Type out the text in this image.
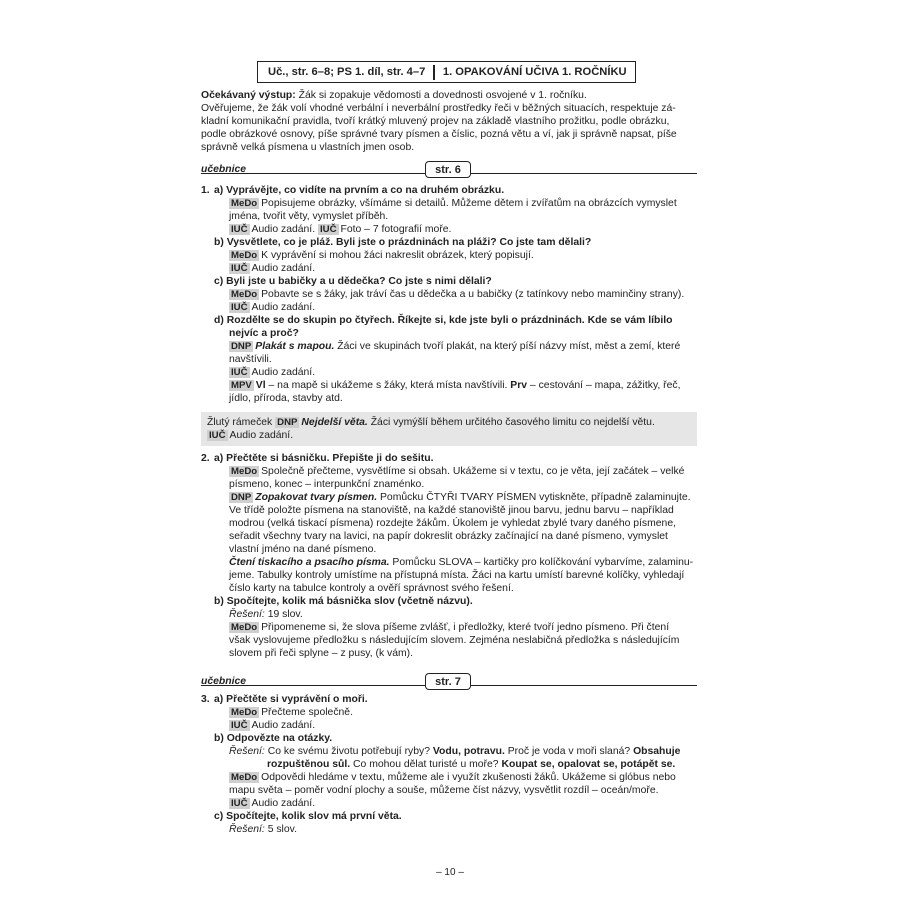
Uč., str. 6–8; PS 1. díl, str. 4–7	1. OPAKOVÁNÍ UČIVA 1. ROČNÍKU
Očekávaný výstup: Žák si zopakuje vědomosti a dovednosti osvojené v 1. ročníku.
Ověřujeme, že žák volí vhodné verbální i neverbální prostředky řeči v běžných situacích, respektuje zá-
kladní komunikační pravidla, tvoří krátký mluvený projev na základě vlastního prožitku, podle obrázku,
podle obrázkové osnovy, píše správné tvary písmen a číslic, pozná větu a ví, jak ji správně napsat, píše
správně velká písmena u vlastních jmen osob.
učebnice	str. 6
1. a) Vyprávějte, co vidíte na prvním a co na druhém obrázku.
MeDo Popisujeme obrázky, všímáme si detailů. Můžeme dětem i zvířatům na obrázcích vymyslet
jména, tvořit věty, vymyslet příběh.
IUČ Audio zadání. IUČ Foto – 7 fotografií moře.
b) Vysvětlete, co je pláž. Byli jste o prázdninách na pláži? Co jste tam dělali?
MeDo K vyprávění si mohou žáci nakreslit obrázek, který popisují.
IUČ Audio zadání.
c) Byli jste u babičky a u dědečka? Co jste s nimi dělali?
MeDo Pobavte se s žáky, jak tráví čas u dědečka a u babičky (z tatínkovy nebo maminčiny strany).
IUČ Audio zadání.
d) Rozdělte se do skupin po čtyřech. Říkejte si, kde jste byli o prázdninách. Kde se vám líbilo
nejvíc a proč?
DNP Plakát s mapou. Žáci ve skupinách tvoří plakát, na který píší názvy míst, měst a zemí, které
navštívili.
IUČ Audio zadání.
MPV Vl – na mapě si ukážeme s žáky, která místa navštívili. Prv – cestování – mapa, zážitky, řeč,
jídlo, příroda, stavby atd.
Žlutý rámeček DNP Nejdelší věta. Žáci vymýšlí během určitého časového limitu co nejdelší větu.
IUČ Audio zadání.
2. a) Přečtěte si básničku. Přepište ji do sešitu.
MeDo Společně přečteme, vysvětlíme si obsah. Ukážeme si v textu, co je věta, její začátek – velké
písmeno, konec – interpunkční znaménko.
DNP Zopakovat tvary písmen. Pomůcku ČTYŘI TVARY PÍSMEN vytiskněte, případně zalaminujte.
Ve třídě položte písmena na stanoviště, na každé stanoviště jinou barvu, jednu barvu – například
modrou (velká tiskací písmena) rozdejte žákům. Úkolem je vyhledat zbylé tvary daného písmene,
seřadit všechny tvary na lavici, na papír dokreslit obrázky začínající na dané písmeno, vymyslet
vlastní jméno na dané písmeno.
Čtení tiskacího a psacího písma. Pomůcku SLOVA – kartičky pro kolíčkování vybarvíme, zalaminu-
jeme. Tabulky kontroly umístíme na přístupná místa. Žáci na kartu umístí barevné kolíčky, vyhledají
číslo karty na tabulce kontroly a ověří správnost svého řešení.
b) Spočítejte, kolik má básnička slov (včetně názvu).
Řešení: 19 slov.
MeDo Připomeneme si, že slova píšeme zvlášť, i předložky, které tvoří jedno písmeno. Při čtení
však vyslovujeme předložku s následujícím slovem. Zejména neslabičná předložka s následujícím
slovem při řeči splyne – z pusy, (k vám).
učebnice	str. 7
3. a) Přečtěte si vyprávění o moři.
MeDo Přečteme společně.
IUČ Audio zadání.
b) Odpovězte na otázky.
Řešení: Co ke svému životu potřebují ryby? Vodu, potravu. Proč je voda v moři slaná? Obsahuje
rozpuštěnou sůl. Co mohou dělat turisté u moře? Koupat se, opalovat se, potápět se.
MeDo Odpovědi hledáme v textu, můžeme ale i využít zkušenosti žáků. Ukážeme si glóbus nebo
mapu světa – poměr vodní plochy a souše, můžeme číst názvy, vysvětlit rozdíl – oceán/moře.
IUČ Audio zadání.
c) Spočítejte, kolik slov má první věta.
Řešení: 5 slov.
– 10 –
